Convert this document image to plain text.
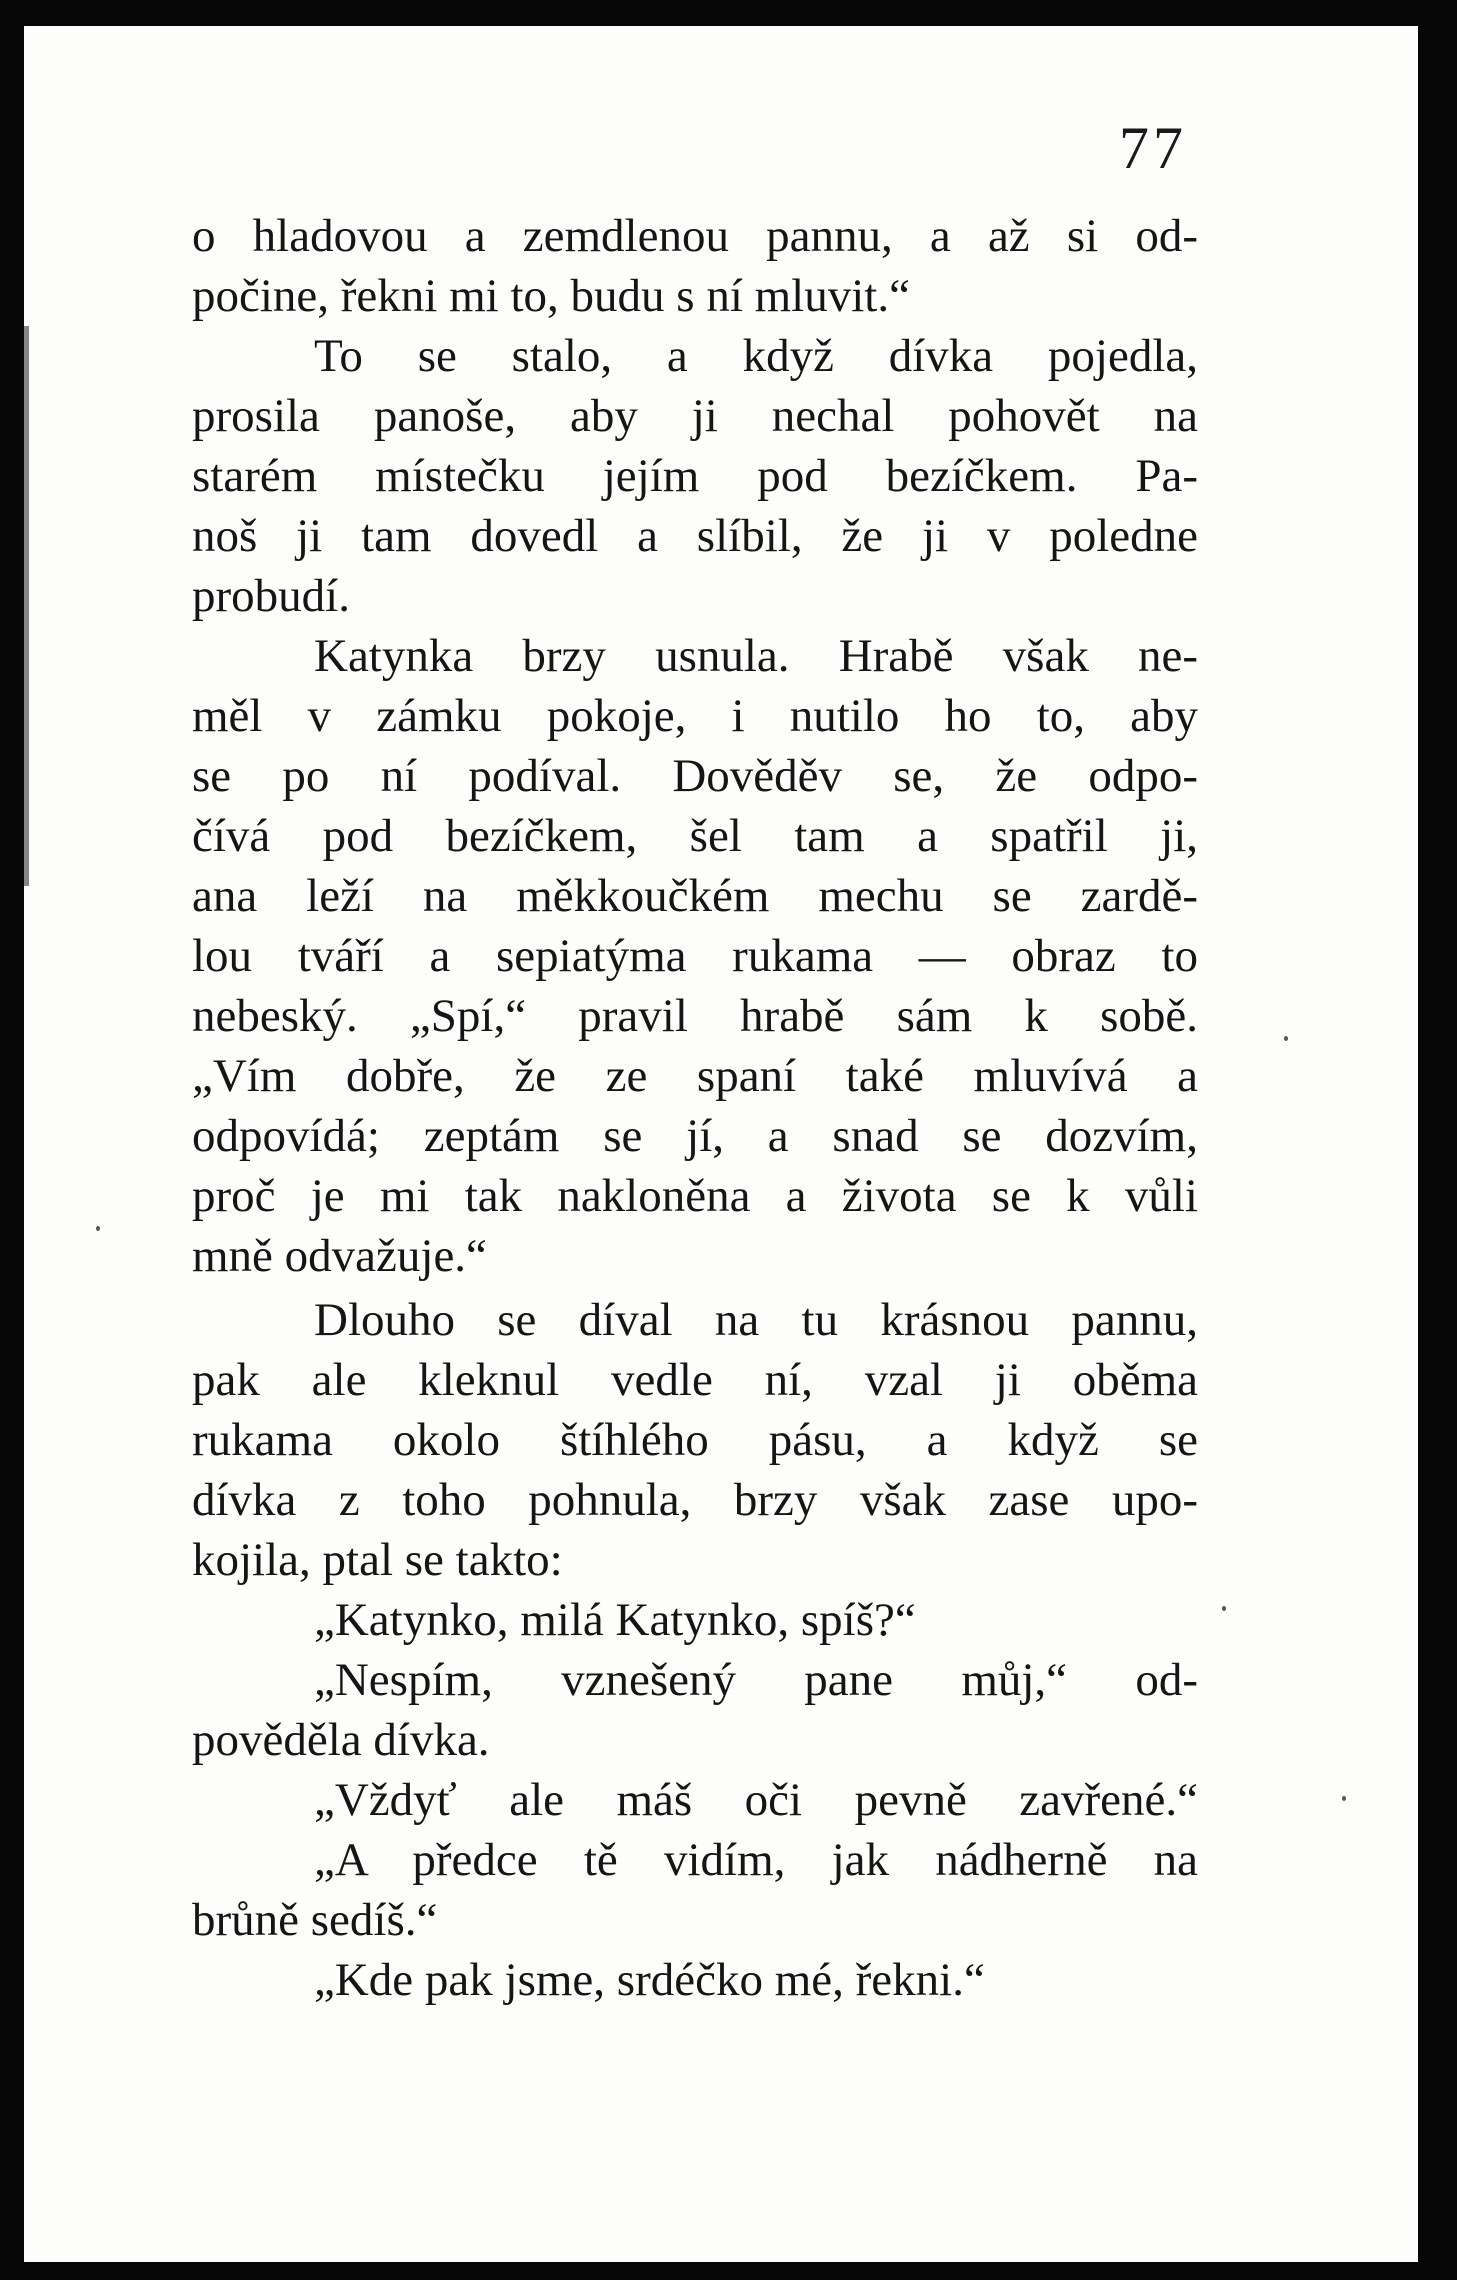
77

o hladovou a zemdlenou pannu, a až si od-

počine, řekni mi to, budu s ní mluvit.“

To se stalo, a když dívka pojedla,

prosila panoše, aby ji nechal pohovět na

starém místečku jejím pod bezíčkem. Pa-

noš ji tam dovedl a slíbil, že ji v poledne

probudí.

Katynka brzy usnula. Hrabě však ne-

měl v zámku pokoje, i nutilo ho to, aby

se po ní podíval. Dověděv se, že odpo-

čívá pod bezíčkem, šel tam a spatřil ji,

ana leží na měkkoučkém mechu se zardě-

lou tváří a sepiatýma rukama — obraz to

nebeský. „Spí,“ pravil hrabě sám k sobě.

„Vím dobře, že ze spaní také mluvívá a

odpovídá; zeptám se jí, a snad se dozvím,

proč je mi tak nakloněna a života se k vůli

mně odvažuje.“

Dlouho se díval na tu krásnou pannu,

pak ale kleknul vedle ní, vzal ji oběma

rukama okolo štíhlého pásu, a když se

dívka z toho pohnula, brzy však zase upo-

kojila, ptal se takto:

„Katynko, milá Katynko, spíš?“

„Nespím, vznešený pane můj,“ od-

pověděla dívka.

„Vždyť ale máš oči pevně zavřené.“

„A předce tě vidím, jak nádherně na

brůně sedíš.“

„Kde pak jsme, srdéčko mé, řekni.“
